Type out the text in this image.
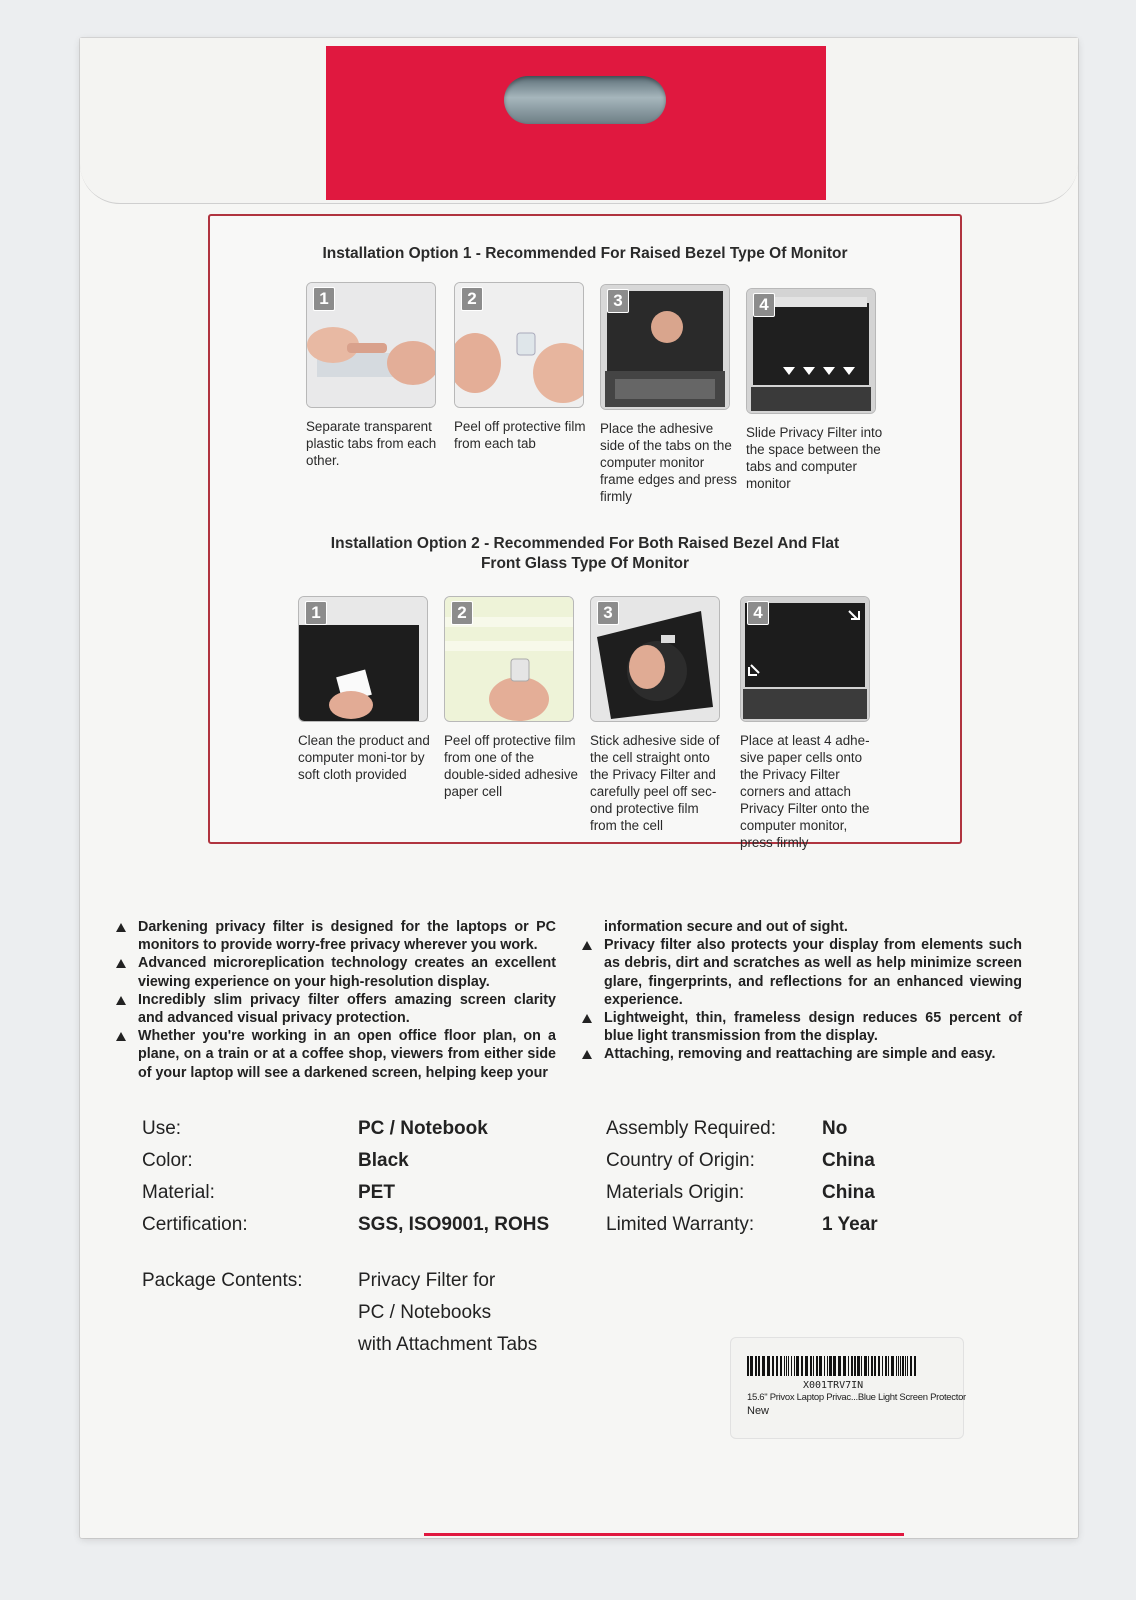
Installation Option 1 - Recommended For Raised Bezel Type Of Monitor
1
Separate transparent plastic tabs from each other.
2
Peel off protective film from each tab
3
Place the adhesive side of the tabs on the computer monitor frame edges and press firmly
4
Slide Privacy Filter into the space between the tabs and computer monitor
Installation Option 2 - Recommended For Both Raised Bezel And Flat
Front Glass Type Of Monitor
1
Clean the product and computer moni-tor by soft cloth provided
2
Peel off protective film from one of the double-sided adhesive paper cell
3
Stick adhesive side of the cell straight onto the Privacy Filter and carefully peel off sec-ond protective film from the cell
4
Place at least 4 adhe-sive paper cells onto the Privacy Filter corners and attach Privacy Filter onto the computer monitor, press firmly
Darkening privacy filter is designed for the laptops or PC monitors to provide worry-free privacy wherever you work.
Advanced microreplication technology creates an excellent viewing experience on your high-resolution display.
Incredibly slim privacy filter offers amazing screen clarity and advanced visual privacy protection.
Whether you're working in an open office floor plan, on a plane, on a train or at a coffee shop, viewers from either side of your laptop will see a darkened screen, helping keep your
information secure and out of sight.
Privacy filter also protects your display from elements such as debris, dirt and scratches as well as help minimize screen glare, fingerprints, and reflections for an enhanced viewing experience.
Lightweight, thin, frameless design reduces 65 percent of blue light transmission from the display.
Attaching, removing and reattaching are simple and easy.
Use:	PC / Notebook
Color:	Black
Material:	PET
Certification:	SGS, ISO9001, ROHS
Assembly Required: No
Country of Origin:	China
Materials Origin:	China
Limited Warranty:	1 Year
Package Contents:	Privacy Filter for
PC / Notebooks
with Attachment Tabs
X001TRV7IN
15.6" Privox Laptop Privac...Blue Light Screen Protector
New
